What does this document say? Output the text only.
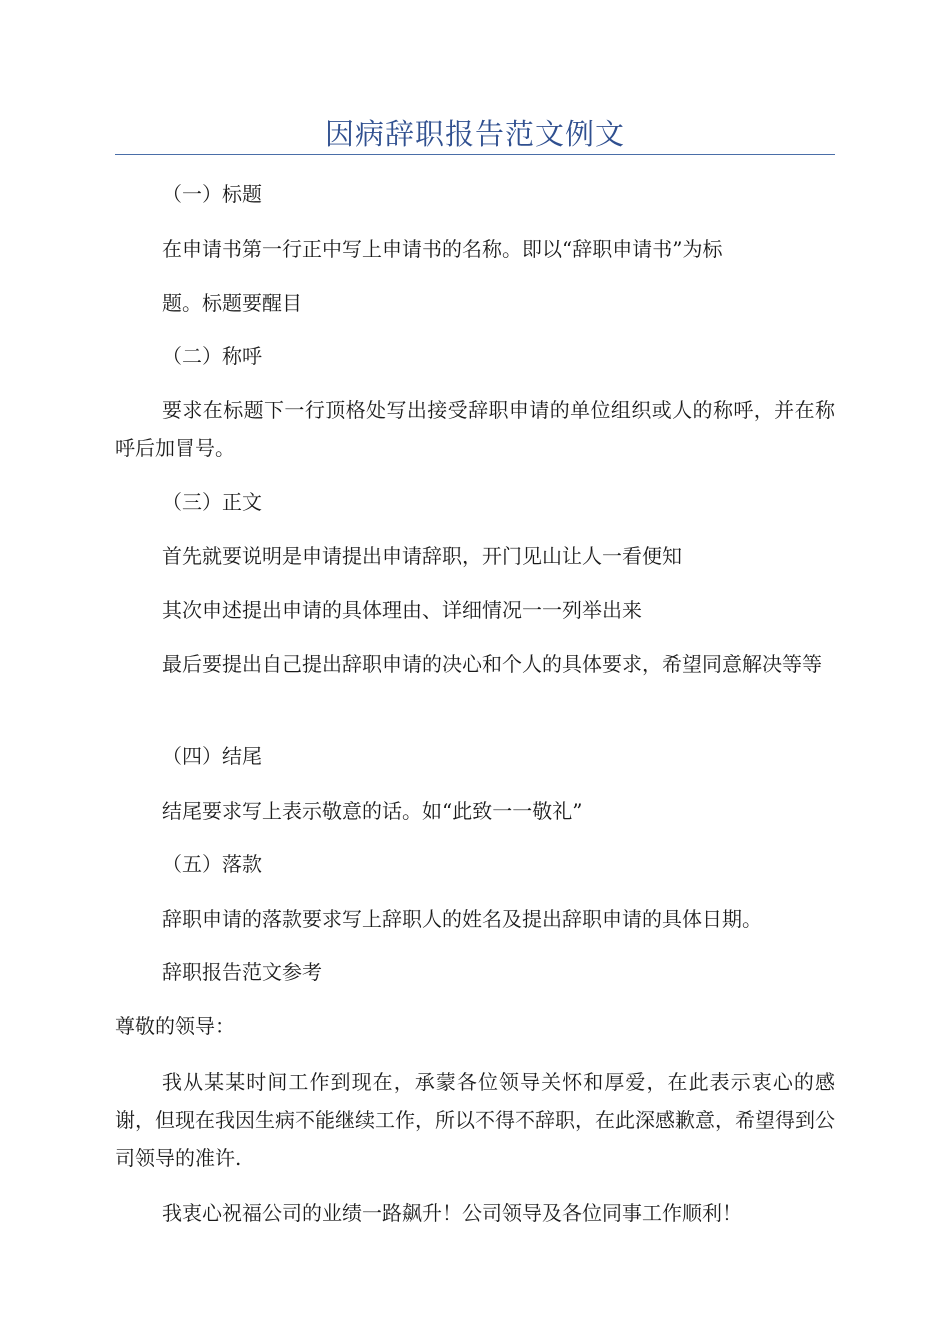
因病辞职报告范文例文

（一）标题

在申请书第一行正中写上申请书的名称。即以“辞职申请书”为标

题。标题要醒目

（二）称呼

要求在标题下一行顶格处写出接受辞职申请的单位组织或人的称呼，并在称呼后加冒号。

（三）正文

首先就要说明是申请提出申请辞职，开门见山让人一看便知

其次申述提出申请的具体理由、详细情况一一列举出来

最后要提出自己提出辞职申请的决心和个人的具体要求，希望同意解决等等

（四）结尾

结尾要求写上表示敬意的话。如“此致一一敬礼”

（五）落款

辞职申请的落款要求写上辞职人的姓名及提出辞职申请的具体日期。

辞职报告范文参考

尊敬的领导：

我从某某时间工作到现在，承蒙各位领导关怀和厚爱，在此表示衷心的感谢，但现在我因生病不能继续工作，所以不得不辞职，在此深感歉意，希望得到公司领导的准许.

我衷心祝福公司的业绩一路飙升！公司领导及各位同事工作顺利！
